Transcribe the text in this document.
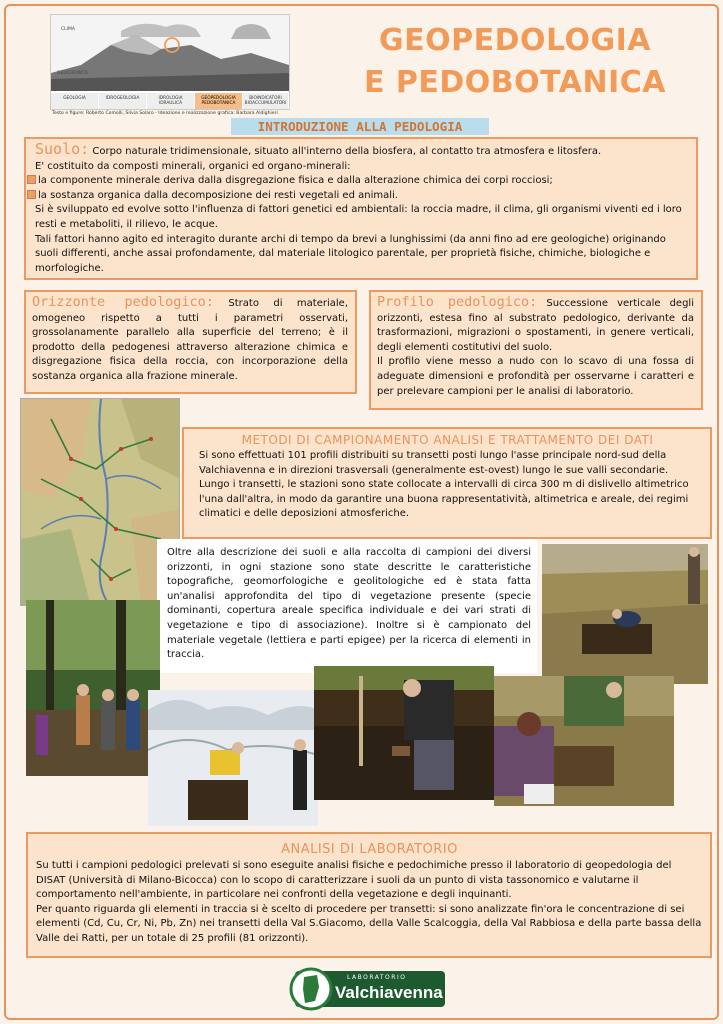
CLIMA
GEOCHEMICA
GEOLOGIA	IDROGEOLOGIA	IDROLOGIA IDRAULICA
GEOPEDOLOGIA PEDOBOTANICA
BIOINDICATORI BIOACCUMULATORI
Testo e figure: Roberto Comolli, Silvia Solaro - Ideazione e realizzazione grafica: Barbara Aldighieri
GEOPEDOLOGIA
E PEDOBOTANICA
INTRODUZIONE ALLA PEDOLOGIA
Suolo: Corpo naturale tridimensionale, situato all'interno della biosfera, al contatto tra atmosfera e litosfera.
E' costituito da composti minerali, organici ed organo-minerali:
la componente minerale deriva dalla disgregazione fisica e dalla alterazione chimica dei corpi rocciosi;
la sostanza organica dalla decomposizione dei resti vegetali ed animali.
Si è sviluppato ed evolve sotto l'influenza di fattori genetici ed ambientali: la roccia madre, il clima, gli organismi viventi ed i loro resti e metaboliti, il rilievo, le acque.
Tali fattori hanno agito ed interagito durante archi di tempo da brevi a lunghissimi (da anni fino ad ere geologiche) originando suoli differenti, anche assai profondamente, dal materiale litologico parentale, per proprietà fisiche, chimiche, biologiche e morfologiche.
Orizzonte pedologico: Strato di materiale, omogeneo rispetto a tutti i parametri osservati, grossolanamente parallelo alla superficie del terreno; è il prodotto della pedogenesi attraverso alterazione chimica e disgregazione fisica della roccia, con incorporazione della sostanza organica alla frazione minerale.
Profilo pedologico: Successione verticale degli orizzonti, estesa fino al substrato pedologico, derivante da trasformazioni, migrazioni o spostamenti, in genere verticali, degli elementi costitutivi del suolo.
Il profilo viene messo a nudo con lo scavo di una fossa di adeguate dimensioni e profondità per osservarne i caratteri e per prelevare campioni per le analisi di laboratorio.
METODI DI CAMPIONAMENTO ANALISI E TRATTAMENTO DEI DATI
Si sono effettuati 101 profili distribuiti su transetti posti lungo l'asse principale nord-sud della Valchiavenna e in direzioni trasversali (generalmente est-ovest) lungo le sue valli secondarie.
Lungo i transetti, le stazioni sono state collocate a intervalli di circa 300 m di dislivello altimetrico l'una dall'altra, in modo da garantire una buona rappresentatività, altimetrica e areale, dei regimi climatici e delle deposizioni atmosferiche.
Oltre alla descrizione dei suoli e alla raccolta di campioni dei diversi orizzonti, in ogni stazione sono state descritte le caratteristiche topografiche, geomorfologiche e geolitologiche ed è stata fatta un'analisi approfondita del tipo di vegetazione presente (specie dominanti, copertura areale specifica individuale e dei vari strati di vegetazione e tipo di associazione). Inoltre si è campionato del materiale vegetale (lettiera e parti epigee) per la ricerca di elementi in traccia.
ANALISI DI LABORATORIO
Su tutti i campioni pedologici prelevati si sono eseguite analisi fisiche e pedochimiche presso il laboratorio di geopedologia del DISAT (Università di Milano-Bicocca) con lo scopo di caratterizzare i suoli da un punto di vista tassonomico e valutarne il comportamento nell'ambiente, in particolare nei confronti della vegetazione e degli inquinanti.
Per quanto riguarda gli elementi in traccia si è scelto di procedere per transetti: si sono analizzate fin'ora le concentrazione di sei elementi (Cd, Cu, Cr, Ni, Pb, Zn) nei transetti della Val S.Giacomo, della Valle Scalcoggia, della Val Rabbiosa e della parte bassa della Valle dei Ratti, per un totale di 25 profili (81 orizzonti).
LABORATORIO
Valchiavenna
